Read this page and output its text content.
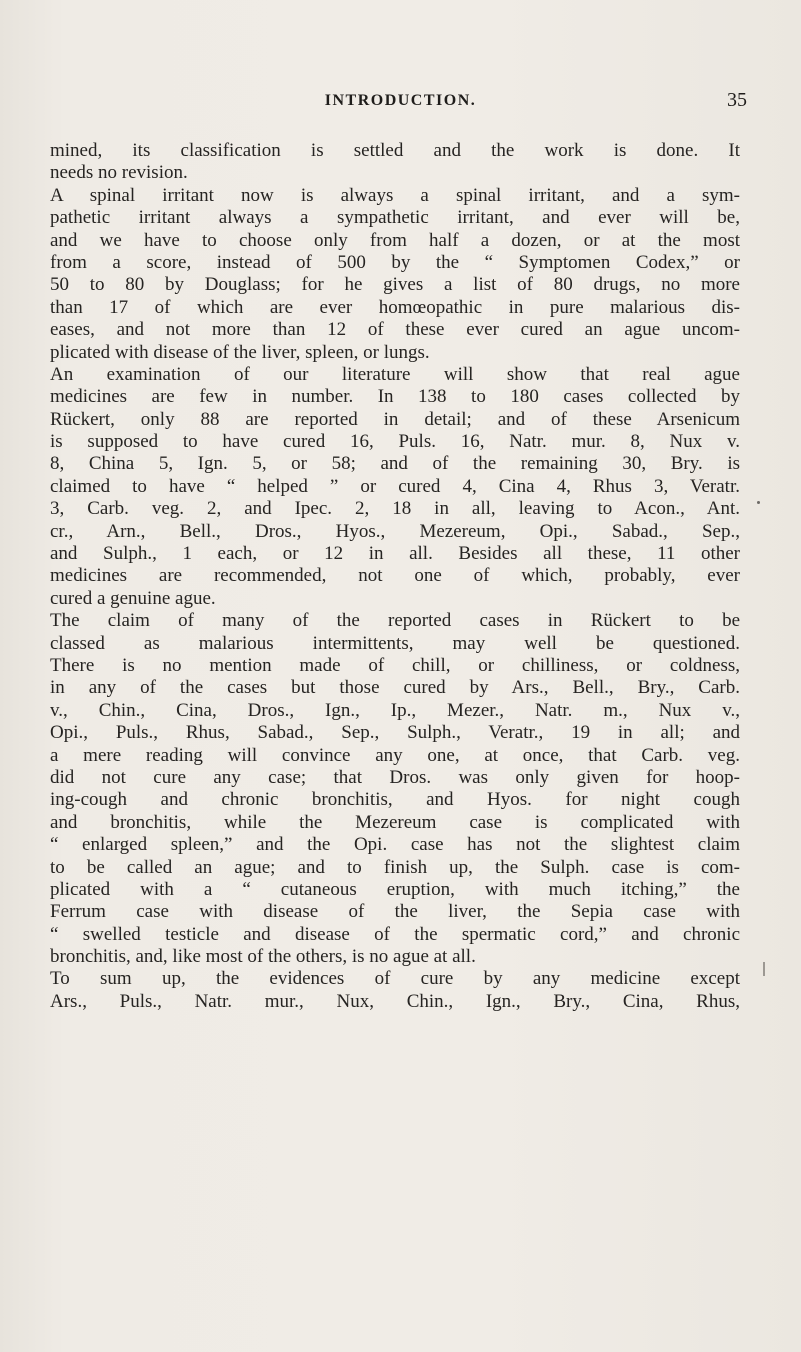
INTRODUCTION.	35
mined, its classification is settled and the work is done. It
needs no revision.
A spinal irritant now is always a spinal irritant, and a sym-
pathetic irritant always a sympathetic irritant, and ever will be,
and we have to choose only from half a dozen, or at the most
from a score, instead of 500 by the “ Symptomen Codex,” or
50 to 80 by Douglass; for he gives a list of 80 drugs, no more
than 17 of which are ever homœopathic in pure malarious dis-
eases, and not more than 12 of these ever cured an ague uncom-
plicated with disease of the liver, spleen, or lungs.
An examination of our literature will show that real ague
medicines are few in number. In 138 to 180 cases collected by
Rückert, only 88 are reported in detail; and of these Arsenicum
is supposed to have cured 16, Puls. 16, Natr. mur. 8, Nux v.
8, China 5, Ign. 5, or 58; and of the remaining 30, Bry. is
claimed to have “ helped ” or cured 4, Cina 4, Rhus 3, Veratr.
3, Carb. veg. 2, and Ipec. 2, 18 in all, leaving to Acon., Ant.
cr., Arn., Bell., Dros., Hyos., Mezereum, Opi., Sabad., Sep.,
and Sulph., 1 each, or 12 in all. Besides all these, 11 other
medicines are recommended, not one of which, probably, ever
cured a genuine ague.
The claim of many of the reported cases in Rückert to be
classed as malarious intermittents, may well be questioned.
There is no mention made of chill, or chilliness, or coldness,
in any of the cases but those cured by Ars., Bell., Bry., Carb.
v., Chin., Cina, Dros., Ign., Ip., Mezer., Natr. m., Nux v.,
Opi., Puls., Rhus, Sabad., Sep., Sulph., Veratr., 19 in all; and
a mere reading will convince any one, at once, that Carb. veg.
did not cure any case; that Dros. was only given for hoop-
ing-cough and chronic bronchitis, and Hyos. for night cough
and bronchitis, while the Mezereum case is complicated with
“ enlarged spleen,” and the Opi. case has not the slightest claim
to be called an ague; and to finish up, the Sulph. case is com-
plicated with a “ cutaneous eruption, with much itching,” the
Ferrum case with disease of the liver, the Sepia case with
“ swelled testicle and disease of the spermatic cord,” and chronic
bronchitis, and, like most of the others, is no ague at all.
To sum up, the evidences of cure by any medicine except
Ars., Puls., Natr. mur., Nux, Chin., Ign., Bry., Cina, Rhus,
